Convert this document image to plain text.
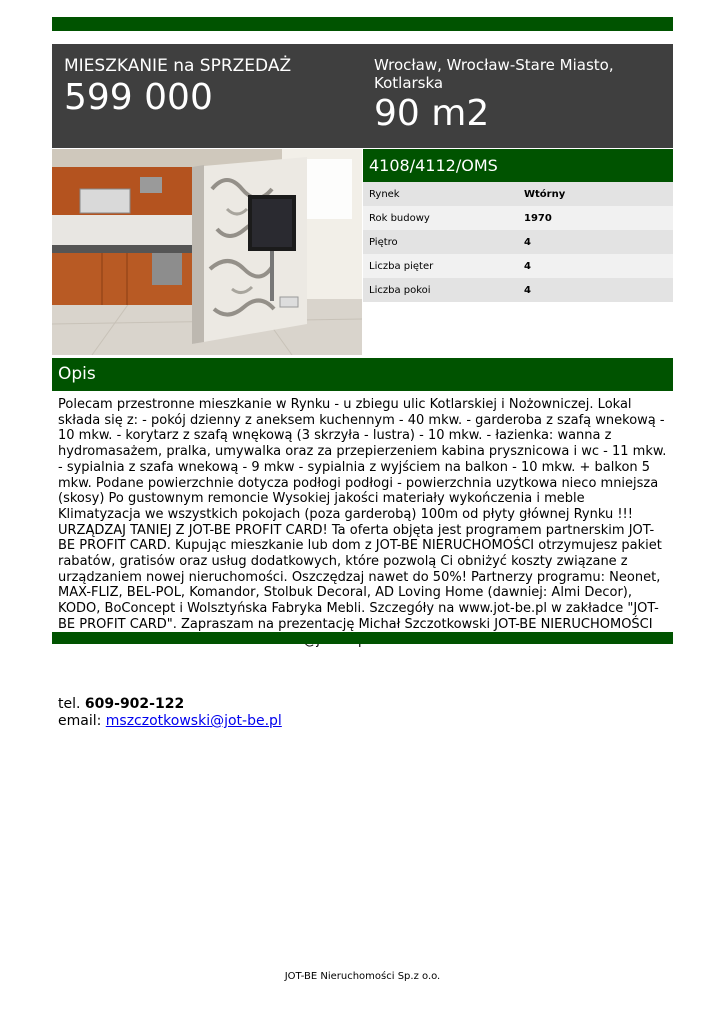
MIESZKANIE na SPRZEDAŻ
599 000
Wrocław, Wrocław-Stare Miasto, Kotlarska
90 m2
4108/4112/OMS
Rynek	Wtórny
Rok budowy	1970
Piętro	4
Liczba pięter	4
Liczba pokoi	4
Opis

Polecam przestronne mieszkanie w Rynku - u zbiegu ulic Kotlarskiej i Nożowniczej. Lokal składa się z: - pokój dzienny z aneksem kuchennym - 40 mkw. - garderoba z szafą wnekową - 10 mkw. - korytarz z szafą wnękową (3 skrzyła - lustra) - 10 mkw. - łazienka: wanna z hydromasażem, pralka, umywalka oraz za przepierzeniem kabina prysznicowa i wc - 11 mkw. - sypialnia z szafa wnekową - 9 mkw - sypialnia z wyjściem na balkon - 10 mkw. + balkon 5 mkw. Podane powierzchnie dotycza podłogi podłogi - powierzchnia uzytkowa nieco mniejsza (skosy) Po gustownym remoncie Wysokiej jakości materiały wykończenia i meble Klimatyzacja we wszystkich pokojach (poza garderobą) 100m od płyty głównej Rynku !!! URZĄDZAJ TANIEJ Z JOT-BE PROFIT CARD! Ta oferta objęta jest programem partnerskim JOT-BE PROFIT CARD. Kupując mieszkanie lub dom z JOT-BE NIERUCHOMOŚCI otrzymujesz pakiet rabatów, gratisów oraz usług dodatkowych, które pozwolą Ci obniżyć koszty związane z urządzaniem nowej nieruchomości. Oszczędzaj nawet do 50%! Partnerzy programu: Neonet, MAX-FLIZ, BEL-POL, Komandor, Stolbuk Decoral, AD Loving Home (dawniej: Almi Decor), KODO, BoConcept i Wolsztyńska Fabryka Mebli. Szczegóły na www.jot-be.pl w zakładce "JOT-BE PROFIT CARD". Zapraszam na prezentację Michał Szczotkowski JOT-BE NIERUCHOMOŚCI

tel. 609-902-122
email: mszczotkowski@jot-be.pl
JOT-BE Nieruchomości Sp.z o.o.
